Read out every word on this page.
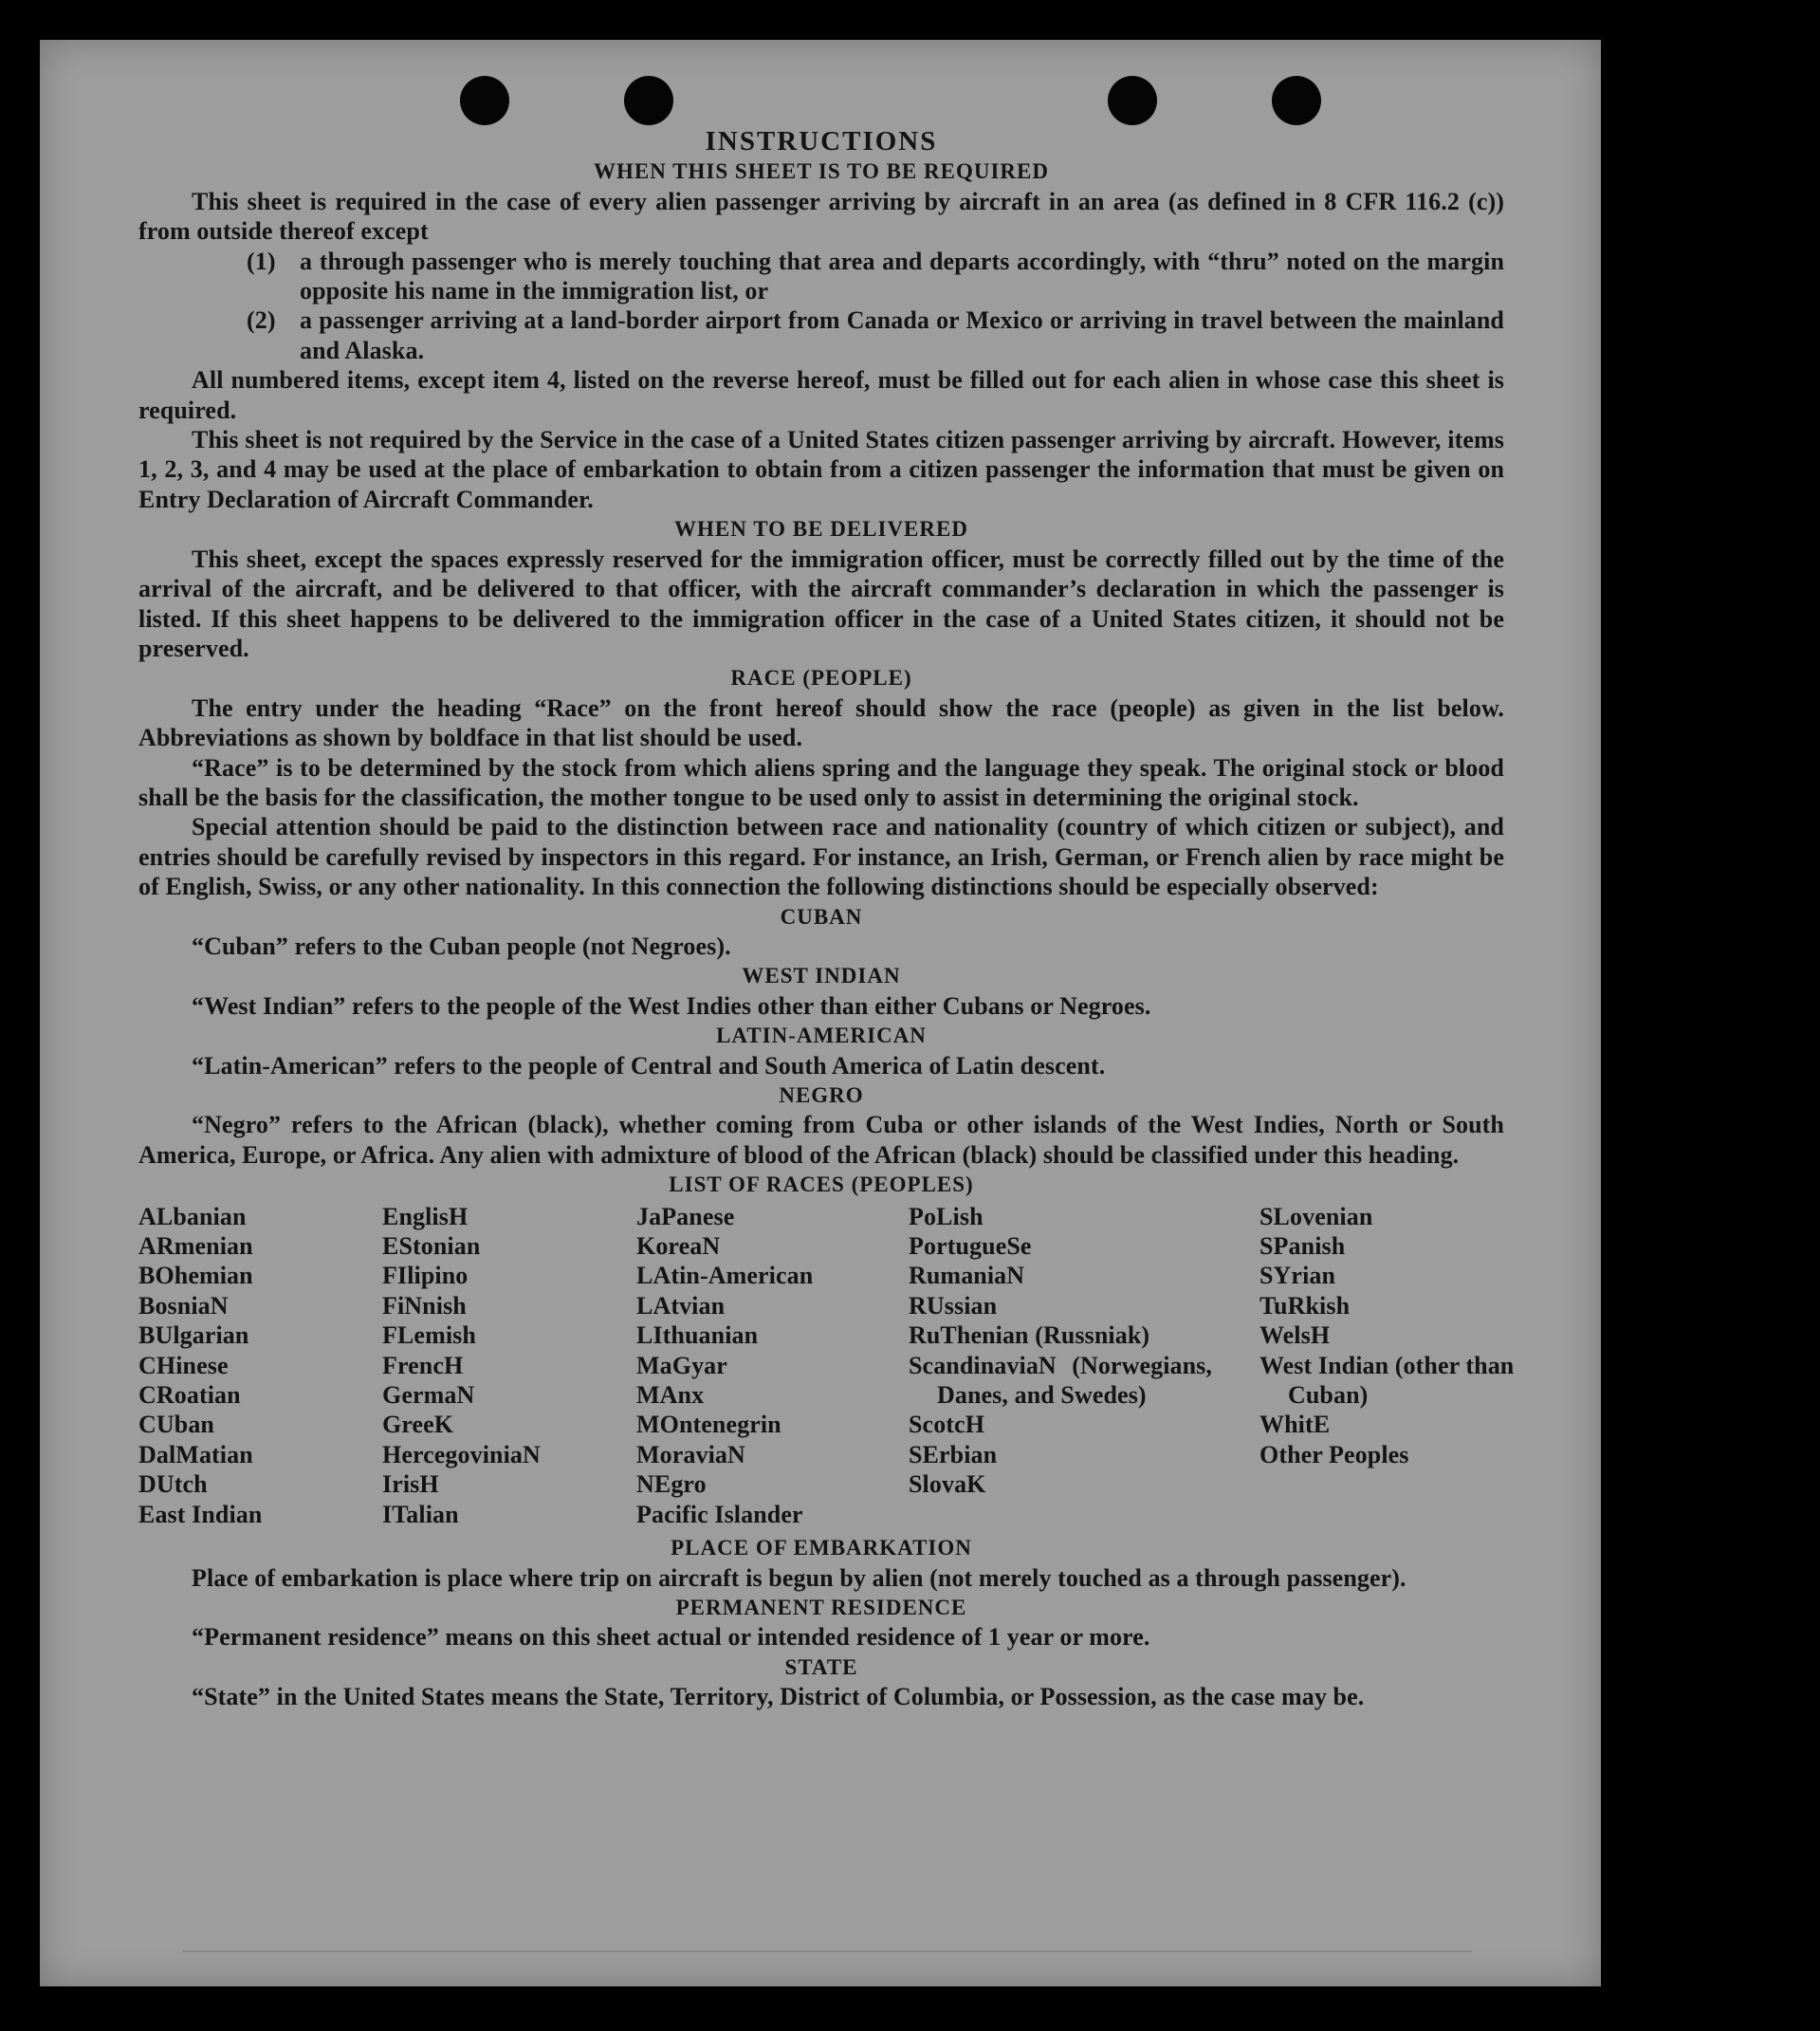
INSTRUCTIONS

WHEN THIS SHEET IS TO BE REQUIRED

This sheet is required in the case of every alien passenger arriving by aircraft in an area (as defined in 8 CFR 116.2 (c)) from outside thereof except

(1) a through passenger who is merely touching that area and departs accordingly, with “thru” noted on the margin opposite his name in the immigration list, or
(2) a passenger arriving at a land-border airport from Canada or Mexico or arriving in travel between the mainland and Alaska.

All numbered items, except item 4, listed on the reverse hereof, must be filled out for each alien in whose case this sheet is required.

This sheet is not required by the Service in the case of a United States citizen passenger arriving by aircraft. However, items 1, 2, 3, and 4 may be used at the place of embarkation to obtain from a citizen passenger the information that must be given on Entry Declaration of Aircraft Commander.

WHEN TO BE DELIVERED

This sheet, except the spaces expressly reserved for the immigration officer, must be correctly filled out by the time of the arrival of the aircraft, and be delivered to that officer, with the aircraft commander’s declaration in which the passenger is listed. If this sheet happens to be delivered to the immigration officer in the case of a United States citizen, it should not be preserved.

RACE (PEOPLE)

The entry under the heading “Race” on the front hereof should show the race (people) as given in the list below. Abbreviations as shown by boldface in that list should be used.

“Race” is to be determined by the stock from which aliens spring and the language they speak. The original stock or blood shall be the basis for the classification, the mother tongue to be used only to assist in determining the original stock.

Special attention should be paid to the distinction between race and nationality (country of which citizen or subject), and entries should be carefully revised by inspectors in this regard. For instance, an Irish, German, or French alien by race might be of English, Swiss, or any other nationality. In this connection the following distinctions should be especially observed:

CUBAN

“Cuban” refers to the Cuban people (not Negroes).

WEST INDIAN

“West Indian” refers to the people of the West Indies other than either Cubans or Negroes.

LATIN-AMERICAN

“Latin-American” refers to the people of Central and South America of Latin descent.

NEGRO

“Negro” refers to the African (black), whether coming from Cuba or other islands of the West Indies, North or South America, Europe, or Africa. Any alien with admixture of blood of the African (black) should be classified under this heading.

LIST OF RACES (PEOPLES)

ALbanian
ARmenian
BOhemian
BosniaN
BUlgarian
CHinese
CRoatian
CUban
DalMatian
DUtch
East Indian
EnglisH
EStonian
FIlipino
FiNnish
FLemish
FrencH
GermaN
GreeK
HercegoviniaN
IrisH
ITalian
JaPanese
KoreaN
LAtin-American
LAtvian
LIthuanian
MaGyar
MAnx
MOntenegrin
MoraviaN
NEgro
Pacific Islander
PoLish
PortugueSe
RumaniaN
RUssian
RuThenian (Russniak)
ScandinaviaN (Norwegians, Danes, and Swedes)
ScotcH
SErbian
SlovaK
SLovenian
SPanish
SYrian
TuRkish
WelsH
West Indian (other than Cuban)
WhitE
Other Peoples

PLACE OF EMBARKATION

Place of embarkation is place where trip on aircraft is begun by alien (not merely touched as a through passenger).

PERMANENT RESIDENCE

“Permanent residence” means on this sheet actual or intended residence of 1 year or more.

STATE

“State” in the United States means the State, Territory, District of Columbia, or Possession, as the case may be.
